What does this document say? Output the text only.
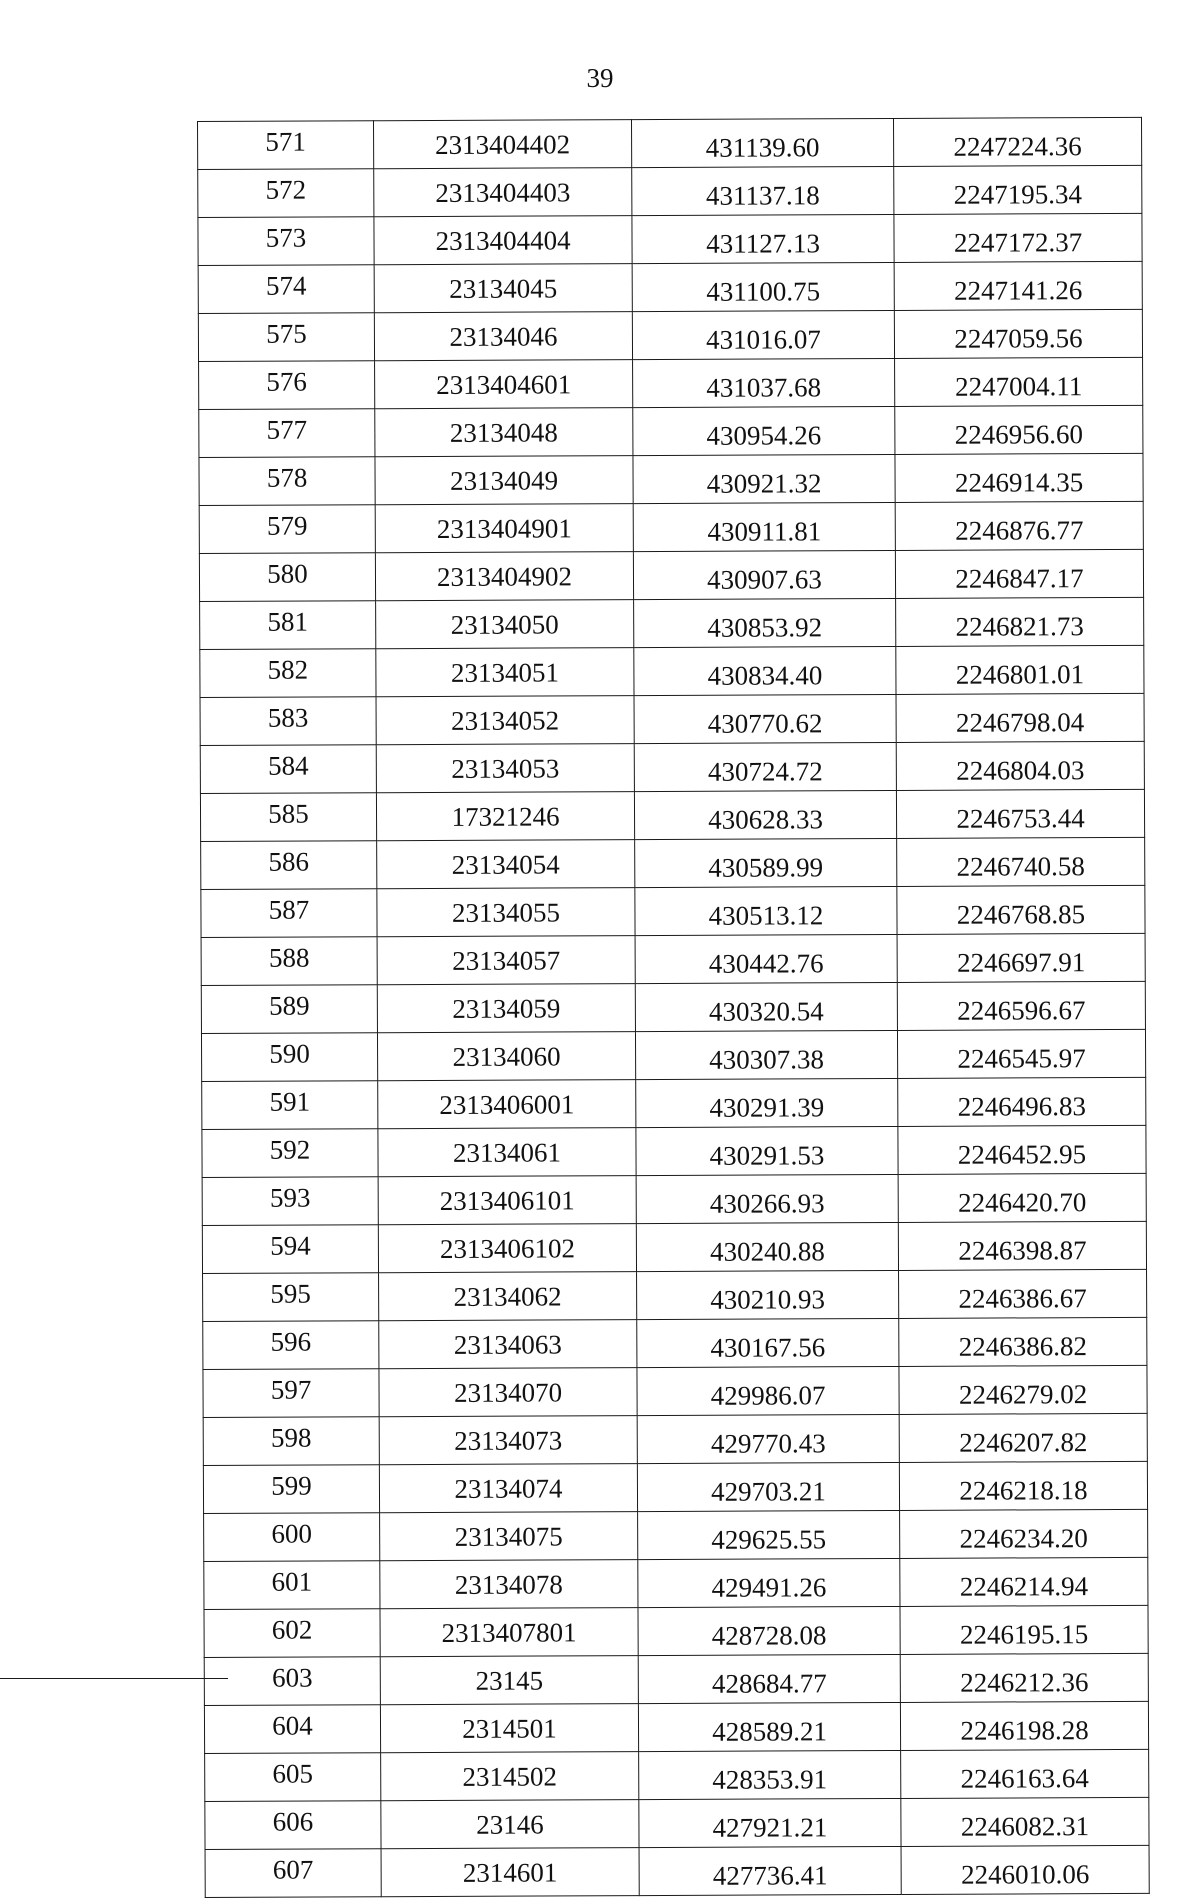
39
571	2313404402	431139.60	2247224.36
572	2313404403	431137.18	2247195.34
573	2313404404	431127.13	2247172.37
574	23134045	431100.75	2247141.26
575	23134046	431016.07	2247059.56
576	2313404601	431037.68	2247004.11
577	23134048	430954.26	2246956.60
578	23134049	430921.32	2246914.35
579	2313404901	430911.81	2246876.77
580	2313404902	430907.63	2246847.17
581	23134050	430853.92	2246821.73
582	23134051	430834.40	2246801.01
583	23134052	430770.62	2246798.04
584	23134053	430724.72	2246804.03
585	17321246	430628.33	2246753.44
586	23134054	430589.99	2246740.58
587	23134055	430513.12	2246768.85
588	23134057	430442.76	2246697.91
589	23134059	430320.54	2246596.67
590	23134060	430307.38	2246545.97
591	2313406001	430291.39	2246496.83
592	23134061	430291.53	2246452.95
593	2313406101	430266.93	2246420.70
594	2313406102	430240.88	2246398.87
595	23134062	430210.93	2246386.67
596	23134063	430167.56	2246386.82
597	23134070	429986.07	2246279.02
598	23134073	429770.43	2246207.82
599	23134074	429703.21	2246218.18
600	23134075	429625.55	2246234.20
601	23134078	429491.26	2246214.94
602	2313407801	428728.08	2246195.15
603	23145	428684.77	2246212.36
604	2314501	428589.21	2246198.28
605	2314502	428353.91	2246163.64
606	23146	427921.21	2246082.31
607	2314601	427736.41	2246010.06
